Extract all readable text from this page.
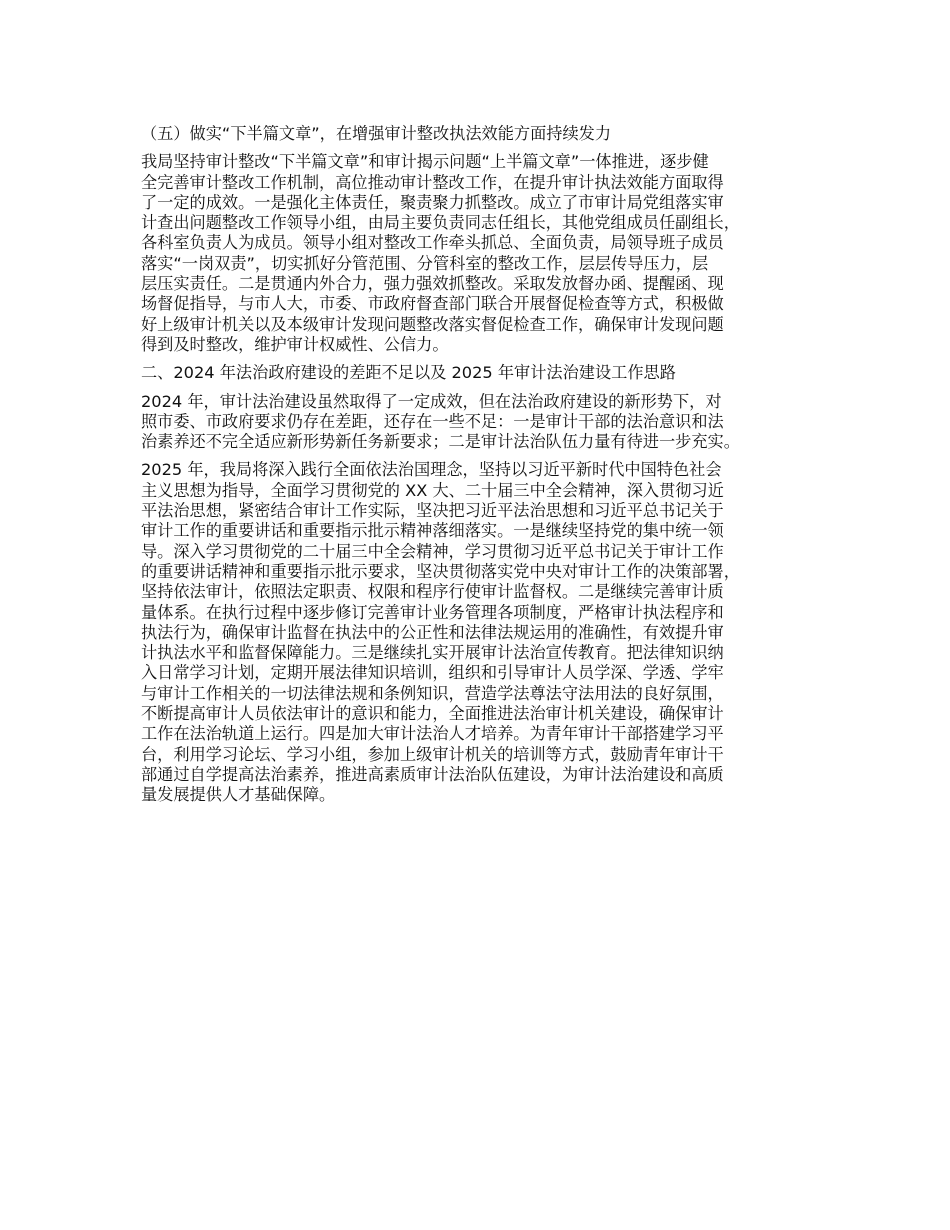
（五）做实“下半篇文章”，在增强审计整改执法效能方面持续发力
我局坚持审计整改“下半篇文章”和审计揭示问题“上半篇文章”一体推进，逐步健
全完善审计整改工作机制，高位推动审计整改工作，在提升审计执法效能方面取得
了一定的成效。一是强化主体责任，聚责聚力抓整改。成立了市审计局党组落实审
计查出问题整改工作领导小组，由局主要负责同志任组长，其他党组成员任副组长，
各科室负责人为成员。领导小组对整改工作牵头抓总、全面负责，局领导班子成员
落实“一岗双责”，切实抓好分管范围、分管科室的整改工作，层层传导压力，层
层压实责任。二是贯通内外合力，强力强效抓整改。采取发放督办函、提醒函、现
场督促指导，与市人大，市委、市政府督查部门联合开展督促检查等方式，积极做
好上级审计机关以及本级审计发现问题整改落实督促检查工作，确保审计发现问题
得到及时整改，维护审计权威性、公信力。
二、2024 年法治政府建设的差距不足以及 2025 年审计法治建设工作思路
2024 年，审计法治建设虽然取得了一定成效，但在法治政府建设的新形势下，对
照市委、市政府要求仍存在差距，还存在一些不足：一是审计干部的法治意识和法
治素养还不完全适应新形势新任务新要求；二是审计法治队伍力量有待进一步充实。
2025 年，我局将深入践行全面依法治国理念，坚持以习近平新时代中国特色社会
主义思想为指导，全面学习贯彻党的 XX 大、二十届三中全会精神，深入贯彻习近
平法治思想，紧密结合审计工作实际，坚决把习近平法治思想和习近平总书记关于
审计工作的重要讲话和重要指示批示精神落细落实。一是继续坚持党的集中统一领
导。深入学习贯彻党的二十届三中全会精神，学习贯彻习近平总书记关于审计工作
的重要讲话精神和重要指示批示要求，坚决贯彻落实党中央对审计工作的决策部署，
坚持依法审计，依照法定职责、权限和程序行使审计监督权。二是继续完善审计质
量体系。在执行过程中逐步修订完善审计业务管理各项制度，严格审计执法程序和
执法行为，确保审计监督在执法中的公正性和法律法规运用的准确性，有效提升审
计执法水平和监督保障能力。三是继续扎实开展审计法治宣传教育。把法律知识纳
入日常学习计划，定期开展法律知识培训，组织和引导审计人员学深、学透、学牢
与审计工作相关的一切法律法规和条例知识，营造学法尊法守法用法的良好氛围，
不断提高审计人员依法审计的意识和能力，全面推进法治审计机关建设，确保审计
工作在法治轨道上运行。四是加大审计法治人才培养。为青年审计干部搭建学习平
台，利用学习论坛、学习小组，参加上级审计机关的培训等方式，鼓励青年审计干
部通过自学提高法治素养，推进高素质审计法治队伍建设，为审计法治建设和高质
量发展提供人才基础保障。
